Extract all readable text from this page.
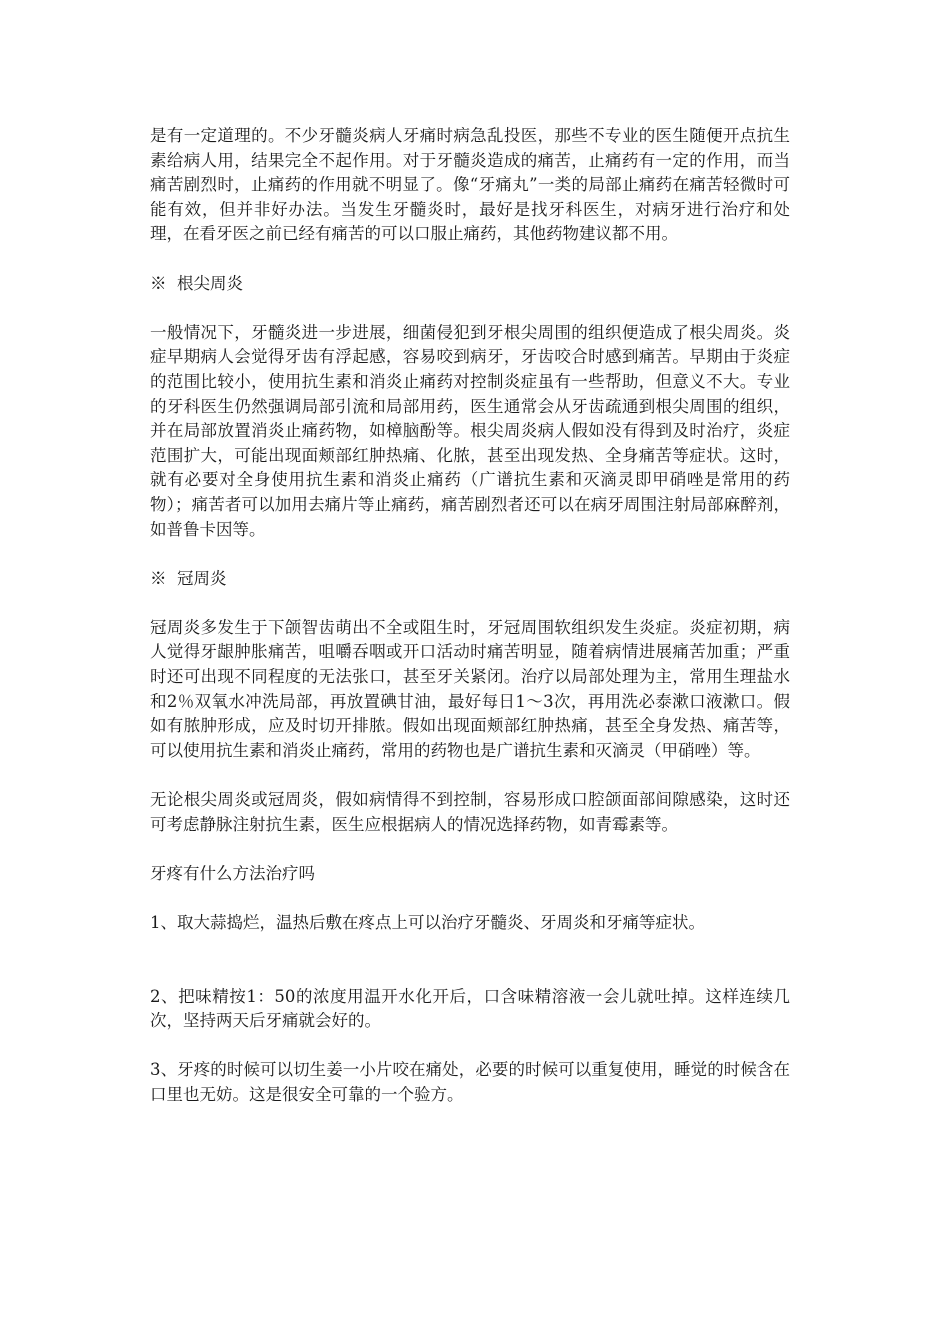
是有一定道理的。不少牙髓炎病人牙痛时病急乱投医，那些不专业的医生随便开点抗生素给病人用，结果完全不起作用。对于牙髓炎造成的痛苦，止痛药有一定的作用，而当痛苦剧烈时，止痛药的作用就不明显了。像“牙痛丸”一类的局部止痛药在痛苦轻微时可能有效，但并非好办法。当发生牙髓炎时，最好是找牙科医生，对病牙进行治疗和处理，在看牙医之前已经有痛苦的可以口服止痛药，其他药物建议都不用。

※  根尖周炎

一般情况下，牙髓炎进一步进展，细菌侵犯到牙根尖周围的组织便造成了根尖周炎。炎症早期病人会觉得牙齿有浮起感，容易咬到病牙，牙齿咬合时感到痛苦。早期由于炎症的范围比较小，使用抗生素和消炎止痛药对控制炎症虽有一些帮助，但意义不大。专业的牙科医生仍然强调局部引流和局部用药，医生通常会从牙齿疏通到根尖周围的组织，并在局部放置消炎止痛药物，如樟脑酚等。根尖周炎病人假如没有得到及时治疗，炎症范围扩大，可能出现面颊部红肿热痛、化脓，甚至出现发热、全身痛苦等症状。这时，就有必要对全身使用抗生素和消炎止痛药（广谱抗生素和灭滴灵即甲硝唑是常用的药物）；痛苦者可以加用去痛片等止痛药，痛苦剧烈者还可以在病牙周围注射局部麻醉剂，如普鲁卡因等。

※  冠周炎

冠周炎多发生于下颌智齿萌出不全或阻生时，牙冠周围软组织发生炎症。炎症初期，病人觉得牙龈肿胀痛苦，咀嚼吞咽或开口活动时痛苦明显，随着病情进展痛苦加重；严重时还可出现不同程度的无法张口，甚至牙关紧闭。治疗以局部处理为主，常用生理盐水和2％双氧水冲洗局部，再放置碘甘油，最好每日1～3次，再用洗必泰漱口液漱口。假如有脓肿形成，应及时切开排脓。假如出现面颊部红肿热痛，甚至全身发热、痛苦等，可以使用抗生素和消炎止痛药，常用的药物也是广谱抗生素和灭滴灵（甲硝唑）等。

无论根尖周炎或冠周炎，假如病情得不到控制，容易形成口腔颌面部间隙感染，这时还可考虑静脉注射抗生素，医生应根据病人的情况选择药物，如青霉素等。

牙疼有什么方法治疗吗

1、取大蒜捣烂，温热后敷在疼点上可以治疗牙髓炎、牙周炎和牙痛等症状。

2、把味精按1：50的浓度用温开水化开后，口含味精溶液一会儿就吐掉。这样连续几次，坚持两天后牙痛就会好的。

3、牙疼的时候可以切生姜一小片咬在痛处，必要的时候可以重复使用，睡觉的时候含在口里也无妨。这是很安全可靠的一个验方。
